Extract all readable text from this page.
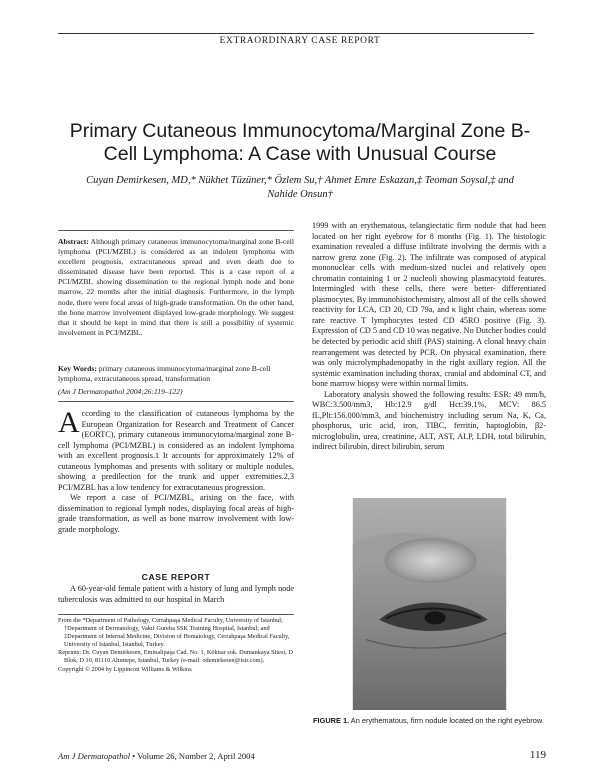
EXTRAORDINARY CASE REPORT
Primary Cutaneous Immunocytoma/Marginal Zone B-Cell Lymphoma: A Case with Unusual Course
Cuyan Demirkesen, MD,* Nükhet Tüzüner,* Özlem Su,† Ahmet Emre Eskazan,‡ Teoman Soysal,‡ and Nahide Onsun†
Abstract: Although primary cutaneous immunocytoma/marginal zone B-cell lymphoma (PCI/MZBL) is considered as an indolent lymphoma with excellent prognosis, extracutaneous spread and even death due to disseminated disease have been reported. This is a case report of a PCI/MZBL showing dissemination to the regional lymph node and bone marrow, 22 months after the initial diagnosis. Furthermore, in the lymph node, there were focal areas of high-grade transformation. On the other hand, the bone marrow involvement displayed low-grade morphology. We suggest that it should be kept in mind that there is still a possibility of systemic involvement in PCI/MZBL.
Key Words: primary cutaneous immunocytoma/marginal zone B-cell lymphoma, extracutaneous spread, transformation
(Am J Dermatopathol 2004;26:119–122)
According to the classification of cutaneous lymphoma by the European Organization for Research and Treatment of Cancer (EORTC), primary cutaneous immunocytoma/marginal zone B-cell lymphoma (PCI/MZBL) is considered as an indolent lymphoma with an excellent prognosis.1 It accounts for approximately 12% of cutaneous lymphomas and presents with solitary or multiple nodules, showing a predilection for the trunk and upper extremities.2,3 PCI/MZBL has a low tendency for extracutaneous progression.
We report a case of PCI/MZBL, arising on the face, with dissemination to regional lymph nodes, displaying focal areas of high-grade transformation, as well as bone marrow involvement with low-grade morphology.
CASE REPORT
A 60-year-old female patient with a history of lung and lymph node tuberculosis was admitted to our hospital in March

From the *Department of Pathology, Cerrahpaşa Medical Faculty, University of Istanbul; †Department of Dermatology, Vakıf Gureba SSK Training Hospital, Istanbul; and ‡Department of Internal Medicine, Division of Hematology, Cerrahpaşa Medical Faculty, University of Istanbul, Istanbul, Turkey.

Reprints: Dr. Cuyan Demirkesen, Eminalipaşa Cad. No. 1, Köknar sok. Dumankaya Sitesi, D Blok, D 10, 81110 Altıntepe, Istanbul, Turkey (e-mail: odemirkesen@isir.com).

Copyright © 2004 by Lippincott Williams & Wilkins

1999 with an erythematous, telangiectatic firm nodule that had been located on her right eyebrow for 8 months (Fig. 1). The histologic examination revealed a diffuse infiltrate involving the dermis with a narrow grenz zone (Fig. 2). The infiltrate was composed of atypical mononuclear cells with medium-sized nuclei and relatively open chromatin containing 1 or 2 nucleoli showing plasmacytoid features. Intermingled with these cells, there were better- differentiated plasmocytes. By immunohistochemistry, almost all of the cells showed reactivity for LCA, CD 20, CD 79a, and κ light chain, whereas some rare reactive T lymphocytes tested CD 45RO positive (Fig. 3). Expression of CD 5 and CD 10 was negative. No Dutcher bodies could be detected by periodic acid shiff (PAS) staining. A clonal heavy chain rearrangement was detected by PCR. On physical examination, there was only microlymphadenopathy in the right axillary region. All the systemic examination including thorax, cranial and abdominal CT, and bone marrow biopsy were within normal limits.

Laboratory analysis showed the following results: ESR: 49 mm/h, WBC:3.500/mm3, Hb:12.9 g/dl Hct:39.1%, MCV: 86.5 fL,Plt:156.000/mm3, and biochemistry including serum Na, K, Ca, phosphorus, uric acid, iron, TIBC, ferritin, haptoglobin, β2-microglobulin, urea, creatinine, ALT, AST, ALP, LDH, total bilirubin, indirect bilirubin, direct bilirubin, serum

FIGURE 1. An erythematous, firm nodule located on the right eyebrow.
Am J Dermatopathol • Volume 26, Number 2, April 2004	119
